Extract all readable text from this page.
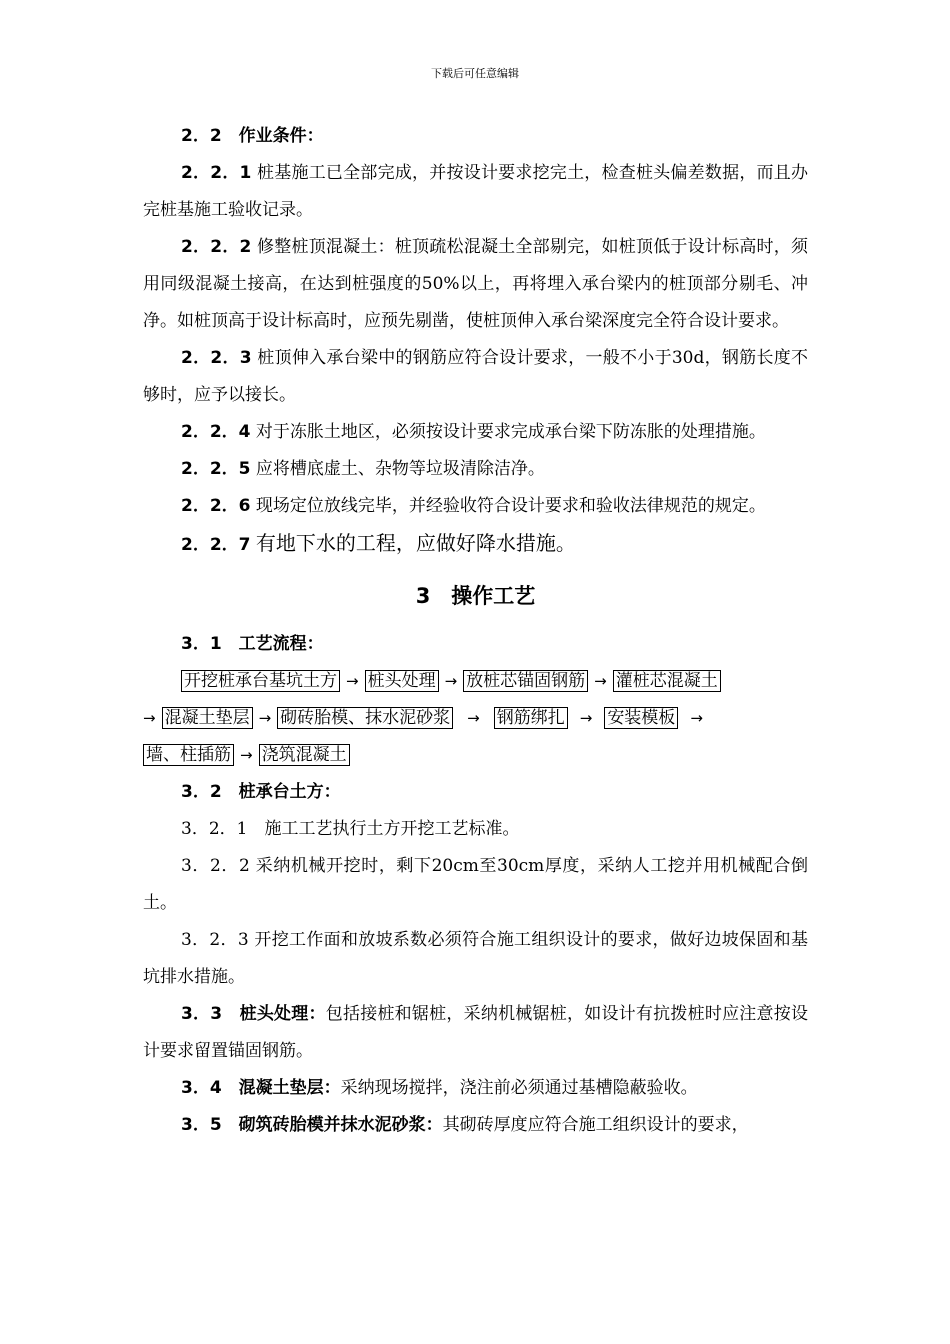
下载后可任意编辑

2．2　作业条件：

2．2．1 桩基施工已全部完成，并按设计要求挖完土，检查桩头偏差数据，而且办完桩基施工验收记录。

2．2．2 修整桩顶混凝土：桩顶疏松混凝土全部剔完，如桩顶低于设计标高时，须用同级混凝土接高，在达到桩强度的50%以上，再将埋入承台梁内的桩顶部分剔毛、冲净。如桩顶高于设计标高时，应预先剔凿，使桩顶伸入承台梁深度完全符合设计要求。

2．2．3 桩顶伸入承台梁中的钢筋应符合设计要求，一般不小于30d，钢筋长度不够时，应予以接长。

2．2．4 对于冻胀土地区，必须按设计要求完成承台梁下防冻胀的处理措施。

2．2．5 应将槽底虚土、杂物等垃圾清除洁净。

2．2．6 现场定位放线完毕，并经验收符合设计要求和验收法律规范的规定。

2．2．7 有地下水的工程，应做好降水措施。

3　操作工艺

3．1　工艺流程：

开挖桩承台基坑土方 → 桩头处理 → 放桩芯锚固钢筋 → 灌桩芯混凝土

→ 混凝土垫层 → 砌砖胎模、抹水泥砂浆 → 钢筋绑扎 → 安装模板 →

墙、柱插筋 → 浇筑混凝土

3．2　桩承台土方：

3．2．1　施工工艺执行土方开挖工艺标准。

3．2．2 采纳机械开挖时，剩下20cm至30cm厚度，采纳人工挖并用机械配合倒土。

3．2．3 开挖工作面和放坡系数必须符合施工组织设计的要求，做好边坡保固和基坑排水措施。

3．3　桩头处理：包括接桩和锯桩，采纳机械锯桩，如设计有抗拨桩时应注意按设计要求留置锚固钢筋。

3．4　混凝土垫层：采纳现场搅拌，浇注前必须通过基槽隐蔽验收。

3．5　砌筑砖胎模并抹水泥砂浆：其砌砖厚度应符合施工组织设计的要求，
